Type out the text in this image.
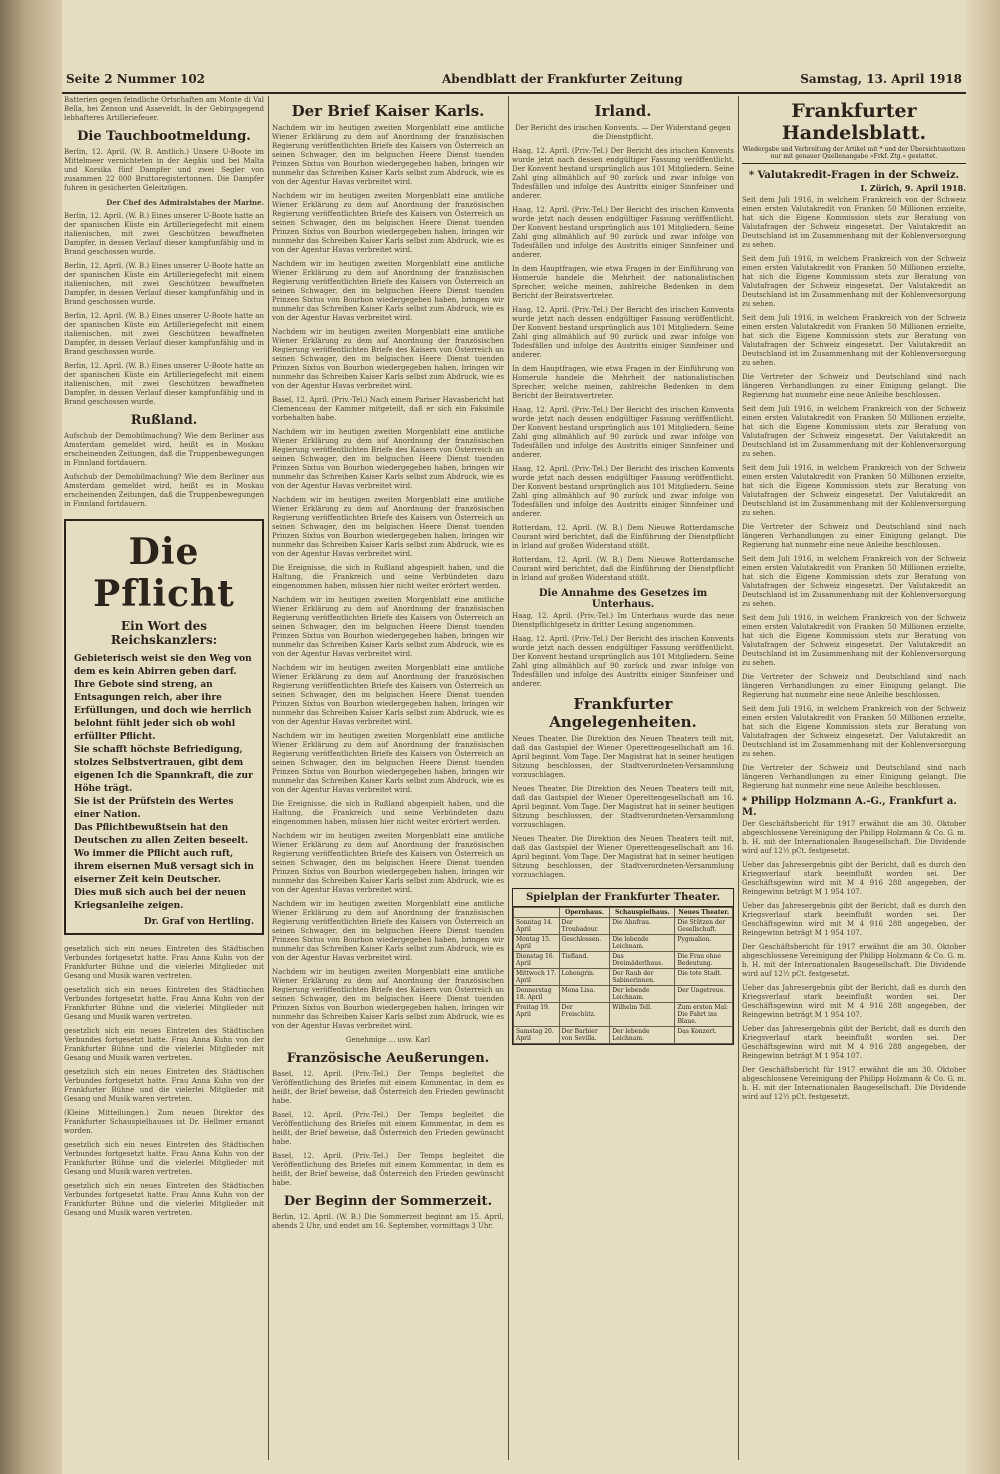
Seite 2 Nummer 102	Abendblatt der Frankfurter Zeitung	Samstag, 13. April 1918

Batterien gegen feindliche Ortschaften am Monte di Val Bella, bei Zenson und Asseveldt. In der Gebirgsgegend lebhafteres Artilleriefeuer.

Die Tauchbootmeldung.

Berlin, 12. April. (W. B. Amtlich.) Unsere U-Boote im Mittelmeer vernichteten in der Aegäis und bei Malta und Korsika fünf Dampfer und zwei Segler von zusammen 22 000 Bruttoregistertonnen. Die Dampfer fuhren in gesicherten Geleitzügen.

Der Chef des Admiralstabes der Marine.

Berlin, 12. April. (W. B.) Eines unserer U-Boote hatte an der spanischen Küste ein Artilleriegefecht mit einem italienischen, mit zwei Geschützen bewaffneten Dampfer, in dessen Verlauf dieser kampfunfähig und in Brand geschossen wurde.

Berlin, 12. April. (W. B.) Eines unserer U-Boote hatte an der spanischen Küste ein Artilleriegefecht mit einem italienischen, mit zwei Geschützen bewaffneten Dampfer, in dessen Verlauf dieser kampfunfähig und in Brand geschossen wurde.

Berlin, 12. April. (W. B.) Eines unserer U-Boote hatte an der spanischen Küste ein Artilleriegefecht mit einem italienischen, mit zwei Geschützen bewaffneten Dampfer, in dessen Verlauf dieser kampfunfähig und in Brand geschossen wurde.

Berlin, 12. April. (W. B.) Eines unserer U-Boote hatte an der spanischen Küste ein Artilleriegefecht mit einem italienischen, mit zwei Geschützen bewaffneten Dampfer, in dessen Verlauf dieser kampfunfähig und in Brand geschossen wurde.

Rußland.

Aufschub der Demobilmachung? Wie dem Berliner aus Amsterdam gemeldet wird, heißt es in Moskau erscheinenden Zeitungen, daß die Truppenbewegungen in Finnland fortdauern.

Aufschub der Demobilmachung? Wie dem Berliner aus Amsterdam gemeldet wird, heißt es in Moskau erscheinenden Zeitungen, daß die Truppenbewegungen in Finnland fortdauern.

Die Pflicht
Ein Wort des Reichskanzlers:
Gebieterisch weist sie den Weg von dem es kein Abirren geben darf.
Ihre Gebote sind streng, an Entsagungen reich, aber ihre Erfüllungen, und doch wie herrlich belohnt fühlt jeder sich ob wohl erfüllter Pflicht.
Sie schafft höchste Befriedigung, stolzes Selbstvertrauen, gibt dem eigenen Ich die Spannkraft, die zur Höhe trägt.
Sie ist der Prüfstein des Wertes einer Nation.
Das Pflichtbewußtsein hat den Deutschen zu allen Zeiten beseelt.
Wo immer die Pflicht auch ruft, ihrem eisernen Muß versagt sich in eiserner Zeit kein Deutscher.
Dies muß sich auch bei der neuen Kriegsanleihe zeigen.
Dr. Graf von Hertling.

gesetzlich sich ein neues Eintreten des Städtischen Verbundes fortgesetzt hatte. Frau Anna Kuhn von der Frankfurter Bühne und die vielerlei Mitglieder mit Gesang und Musik waren vertreten.

gesetzlich sich ein neues Eintreten des Städtischen Verbundes fortgesetzt hatte. Frau Anna Kuhn von der Frankfurter Bühne und die vielerlei Mitglieder mit Gesang und Musik waren vertreten.

gesetzlich sich ein neues Eintreten des Städtischen Verbundes fortgesetzt hatte. Frau Anna Kuhn von der Frankfurter Bühne und die vielerlei Mitglieder mit Gesang und Musik waren vertreten.

gesetzlich sich ein neues Eintreten des Städtischen Verbundes fortgesetzt hatte. Frau Anna Kuhn von der Frankfurter Bühne und die vielerlei Mitglieder mit Gesang und Musik waren vertreten.

(Kleine Mitteilungen.) Zum neuen Direktor des Frankfurter Schauspielhauses ist Dr. Hellmer ernannt worden.

gesetzlich sich ein neues Eintreten des Städtischen Verbundes fortgesetzt hatte. Frau Anna Kuhn von der Frankfurter Bühne und die vielerlei Mitglieder mit Gesang und Musik waren vertreten.

gesetzlich sich ein neues Eintreten des Städtischen Verbundes fortgesetzt hatte. Frau Anna Kuhn von der Frankfurter Bühne und die vielerlei Mitglieder mit Gesang und Musik waren vertreten.

Der Brief Kaiser Karls.

Nachdem wir im heutigen zweiten Morgenblatt eine amtliche Wiener Erklärung zu dem auf Anordnung der französischen Regierung veröffentlichten Briefe des Kaisers von Österreich an seinen Schwager, den im belgischen Heere Dienst tuenden Prinzen Sixtus von Bourbon wiedergegeben haben, bringen wir nunmehr das Schreiben Kaiser Karls selbst zum Abdruck, wie es von der Agentur Havas verbreitet wird.

Nachdem wir im heutigen zweiten Morgenblatt eine amtliche Wiener Erklärung zu dem auf Anordnung der französischen Regierung veröffentlichten Briefe des Kaisers von Österreich an seinen Schwager, den im belgischen Heere Dienst tuenden Prinzen Sixtus von Bourbon wiedergegeben haben, bringen wir nunmehr das Schreiben Kaiser Karls selbst zum Abdruck, wie es von der Agentur Havas verbreitet wird.

Nachdem wir im heutigen zweiten Morgenblatt eine amtliche Wiener Erklärung zu dem auf Anordnung der französischen Regierung veröffentlichten Briefe des Kaisers von Österreich an seinen Schwager, den im belgischen Heere Dienst tuenden Prinzen Sixtus von Bourbon wiedergegeben haben, bringen wir nunmehr das Schreiben Kaiser Karls selbst zum Abdruck, wie es von der Agentur Havas verbreitet wird.

Nachdem wir im heutigen zweiten Morgenblatt eine amtliche Wiener Erklärung zu dem auf Anordnung der französischen Regierung veröffentlichten Briefe des Kaisers von Österreich an seinen Schwager, den im belgischen Heere Dienst tuenden Prinzen Sixtus von Bourbon wiedergegeben haben, bringen wir nunmehr das Schreiben Kaiser Karls selbst zum Abdruck, wie es von der Agentur Havas verbreitet wird.

Basel, 12. April. (Priv.-Tel.) Nach einem Pariser Havasbericht hat Clemenceau der Kammer mitgeteilt, daß er sich ein Faksimile vorbehalten habe.

Nachdem wir im heutigen zweiten Morgenblatt eine amtliche Wiener Erklärung zu dem auf Anordnung der französischen Regierung veröffentlichten Briefe des Kaisers von Österreich an seinen Schwager, den im belgischen Heere Dienst tuenden Prinzen Sixtus von Bourbon wiedergegeben haben, bringen wir nunmehr das Schreiben Kaiser Karls selbst zum Abdruck, wie es von der Agentur Havas verbreitet wird.

Nachdem wir im heutigen zweiten Morgenblatt eine amtliche Wiener Erklärung zu dem auf Anordnung der französischen Regierung veröffentlichten Briefe des Kaisers von Österreich an seinen Schwager, den im belgischen Heere Dienst tuenden Prinzen Sixtus von Bourbon wiedergegeben haben, bringen wir nunmehr das Schreiben Kaiser Karls selbst zum Abdruck, wie es von der Agentur Havas verbreitet wird.

Die Ereignisse, die sich in Rußland abgespielt haben, und die Haltung, die Frankreich und seine Verbündeten dazu eingenommen haben, müssen hier nicht weiter erörtert werden.

Nachdem wir im heutigen zweiten Morgenblatt eine amtliche Wiener Erklärung zu dem auf Anordnung der französischen Regierung veröffentlichten Briefe des Kaisers von Österreich an seinen Schwager, den im belgischen Heere Dienst tuenden Prinzen Sixtus von Bourbon wiedergegeben haben, bringen wir nunmehr das Schreiben Kaiser Karls selbst zum Abdruck, wie es von der Agentur Havas verbreitet wird.

Nachdem wir im heutigen zweiten Morgenblatt eine amtliche Wiener Erklärung zu dem auf Anordnung der französischen Regierung veröffentlichten Briefe des Kaisers von Österreich an seinen Schwager, den im belgischen Heere Dienst tuenden Prinzen Sixtus von Bourbon wiedergegeben haben, bringen wir nunmehr das Schreiben Kaiser Karls selbst zum Abdruck, wie es von der Agentur Havas verbreitet wird.

Nachdem wir im heutigen zweiten Morgenblatt eine amtliche Wiener Erklärung zu dem auf Anordnung der französischen Regierung veröffentlichten Briefe des Kaisers von Österreich an seinen Schwager, den im belgischen Heere Dienst tuenden Prinzen Sixtus von Bourbon wiedergegeben haben, bringen wir nunmehr das Schreiben Kaiser Karls selbst zum Abdruck, wie es von der Agentur Havas verbreitet wird.

Die Ereignisse, die sich in Rußland abgespielt haben, und die Haltung, die Frankreich und seine Verbündeten dazu eingenommen haben, müssen hier nicht weiter erörtert werden.

Nachdem wir im heutigen zweiten Morgenblatt eine amtliche Wiener Erklärung zu dem auf Anordnung der französischen Regierung veröffentlichten Briefe des Kaisers von Österreich an seinen Schwager, den im belgischen Heere Dienst tuenden Prinzen Sixtus von Bourbon wiedergegeben haben, bringen wir nunmehr das Schreiben Kaiser Karls selbst zum Abdruck, wie es von der Agentur Havas verbreitet wird.

Nachdem wir im heutigen zweiten Morgenblatt eine amtliche Wiener Erklärung zu dem auf Anordnung der französischen Regierung veröffentlichten Briefe des Kaisers von Österreich an seinen Schwager, den im belgischen Heere Dienst tuenden Prinzen Sixtus von Bourbon wiedergegeben haben, bringen wir nunmehr das Schreiben Kaiser Karls selbst zum Abdruck, wie es von der Agentur Havas verbreitet wird.

Nachdem wir im heutigen zweiten Morgenblatt eine amtliche Wiener Erklärung zu dem auf Anordnung der französischen Regierung veröffentlichten Briefe des Kaisers von Österreich an seinen Schwager, den im belgischen Heere Dienst tuenden Prinzen Sixtus von Bourbon wiedergegeben haben, bringen wir nunmehr das Schreiben Kaiser Karls selbst zum Abdruck, wie es von der Agentur Havas verbreitet wird.

Genehmige ... usw. Karl

Französische Aeußerungen.

Basel, 12. April. (Priv.-Tel.) Der Temps begleitet die Veröffentlichung des Briefes mit einem Kommentar, in dem es heißt, der Brief beweise, daß Österreich den Frieden gewünscht habe.

Basel, 12. April. (Priv.-Tel.) Der Temps begleitet die Veröffentlichung des Briefes mit einem Kommentar, in dem es heißt, der Brief beweise, daß Österreich den Frieden gewünscht habe.

Basel, 12. April. (Priv.-Tel.) Der Temps begleitet die Veröffentlichung des Briefes mit einem Kommentar, in dem es heißt, der Brief beweise, daß Österreich den Frieden gewünscht habe.

Der Beginn der Sommerzeit.

Berlin, 12. April. (W. B.) Die Sommerzeit beginnt am 15. April, abends 2 Uhr, und endet am 16. September, vormittags 3 Uhr.

Irland.

Der Bericht des irischen Konvents. — Der Widerstand gegen die Dienstpflicht.

Haag, 12. April. (Priv.-Tel.) Der Bericht des irischen Konvents wurde jetzt nach dessen endgültiger Fassung veröffentlicht. Der Konvent bestand ursprünglich aus 101 Mitgliedern. Seine Zahl ging allmählich auf 90 zurück und zwar infolge von Todesfällen und infolge des Austritts einiger Sinnfeiner und anderer.

Haag, 12. April. (Priv.-Tel.) Der Bericht des irischen Konvents wurde jetzt nach dessen endgültiger Fassung veröffentlicht. Der Konvent bestand ursprünglich aus 101 Mitgliedern. Seine Zahl ging allmählich auf 90 zurück und zwar infolge von Todesfällen und infolge des Austritts einiger Sinnfeiner und anderer.

In dem Hauptfragen, wie etwa Fragen in der Einführung von Homerule handele die Mehrheit der nationalistischen Sprecher, welche meinen, zahlreiche Bedenken in dem Bericht der Beiratsvertreter.

Haag, 12. April. (Priv.-Tel.) Der Bericht des irischen Konvents wurde jetzt nach dessen endgültiger Fassung veröffentlicht. Der Konvent bestand ursprünglich aus 101 Mitgliedern. Seine Zahl ging allmählich auf 90 zurück und zwar infolge von Todesfällen und infolge des Austritts einiger Sinnfeiner und anderer.

In dem Hauptfragen, wie etwa Fragen in der Einführung von Homerule handele die Mehrheit der nationalistischen Sprecher, welche meinen, zahlreiche Bedenken in dem Bericht der Beiratsvertreter.

Haag, 12. April. (Priv.-Tel.) Der Bericht des irischen Konvents wurde jetzt nach dessen endgültiger Fassung veröffentlicht. Der Konvent bestand ursprünglich aus 101 Mitgliedern. Seine Zahl ging allmählich auf 90 zurück und zwar infolge von Todesfällen und infolge des Austritts einiger Sinnfeiner und anderer.

Haag, 12. April. (Priv.-Tel.) Der Bericht des irischen Konvents wurde jetzt nach dessen endgültiger Fassung veröffentlicht. Der Konvent bestand ursprünglich aus 101 Mitgliedern. Seine Zahl ging allmählich auf 90 zurück und zwar infolge von Todesfällen und infolge des Austritts einiger Sinnfeiner und anderer.

Rotterdam, 12. April. (W. B.) Dem Nieuwe Rotterdamsche Courant wird berichtet, daß die Einführung der Dienstpflicht in Irland auf großen Widerstand stößt.

Rotterdam, 12. April. (W. B.) Dem Nieuwe Rotterdamsche Courant wird berichtet, daß die Einführung der Dienstpflicht in Irland auf großen Widerstand stößt.

Die Annahme des Gesetzes im Unterhaus.

Haag, 12. April. (Priv.-Tel.) Im Unterhaus wurde das neue Dienstpflichtgesetz in dritter Lesung angenommen.

Haag, 12. April. (Priv.-Tel.) Der Bericht des irischen Konvents wurde jetzt nach dessen endgültiger Fassung veröffentlicht. Der Konvent bestand ursprünglich aus 101 Mitgliedern. Seine Zahl ging allmählich auf 90 zurück und zwar infolge von Todesfällen und infolge des Austritts einiger Sinnfeiner und anderer.

Frankfurter Angelegenheiten.

Neues Theater. Die Direktion des Neuen Theaters teilt mit, daß das Gastspiel der Wiener Operettengesellschaft am 16. April beginnt. Vom Tage. Der Magistrat hat in seiner heutigen Sitzung beschlossen, der Stadtverordneten-Versammlung vorzuschlagen.

Neues Theater. Die Direktion des Neuen Theaters teilt mit, daß das Gastspiel der Wiener Operettengesellschaft am 16. April beginnt. Vom Tage. Der Magistrat hat in seiner heutigen Sitzung beschlossen, der Stadtverordneten-Versammlung vorzuschlagen.

Neues Theater. Die Direktion des Neuen Theaters teilt mit, daß das Gastspiel der Wiener Operettengesellschaft am 16. April beginnt. Vom Tage. Der Magistrat hat in seiner heutigen Sitzung beschlossen, der Stadtverordneten-Versammlung vorzuschlagen.

Spielplan der Frankfurter Theater.
	Opernhaus.	Schauspielhaus.	Neues Theater.
Sonntag 14. April	Der Troubadour.	Die Ahnfrau.	Die Stützen der Gesellschaft.
Montag 15. April	Geschlossen.	Die lebende Leichnam.	Pygmalion.
Dienstag 16. April	Tiefland.	Das Dreimäderlhaus.	Die Frau ohne Bedeutung.
Mittwoch 17. April	Lohengrin.	Der Raub der Sabinerinnen.	Die tote Stadt.
Donnerstag 18. April	Mona Lisa.	Der lebende Leichnam.	Der Ungetreue.
Freitag 19. April	Der Freischütz.	Wilhelm Tell.	Zum ersten Mal: Die Fahrt ins Blaue.
Samstag 20. April	Der Barbier von Sevilla.	Der lebende Leichnam.	Das Konzert.
Frankfurter Handelsblatt.
Wiedergabe und Verbreitung der Artikel mit * und der Übersichtsnotizen nur mit genauer Quellenangabe »Frkf. Ztg.« gestattet.
* Valutakredit-Fragen in der Schweiz.
I. Zürich, 9. April 1918.

Seit dem Juli 1916, in welchem Frankreich von der Schweiz einen ersten Valutakredit von Franken 50 Millionen erzielte, hat sich die Eigene Kommission stets zur Beratung von Valutafragen der Schweiz eingesetzt. Der Valutakredit an Deutschland ist im Zusammenhang mit der Kohlenversorgung zu sehen.

Seit dem Juli 1916, in welchem Frankreich von der Schweiz einen ersten Valutakredit von Franken 50 Millionen erzielte, hat sich die Eigene Kommission stets zur Beratung von Valutafragen der Schweiz eingesetzt. Der Valutakredit an Deutschland ist im Zusammenhang mit der Kohlenversorgung zu sehen.

Seit dem Juli 1916, in welchem Frankreich von der Schweiz einen ersten Valutakredit von Franken 50 Millionen erzielte, hat sich die Eigene Kommission stets zur Beratung von Valutafragen der Schweiz eingesetzt. Der Valutakredit an Deutschland ist im Zusammenhang mit der Kohlenversorgung zu sehen.

Die Vertreter der Schweiz und Deutschland sind nach längeren Verhandlungen zu einer Einigung gelangt. Die Regierung hat nunmehr eine neue Anleihe beschlossen.

Seit dem Juli 1916, in welchem Frankreich von der Schweiz einen ersten Valutakredit von Franken 50 Millionen erzielte, hat sich die Eigene Kommission stets zur Beratung von Valutafragen der Schweiz eingesetzt. Der Valutakredit an Deutschland ist im Zusammenhang mit der Kohlenversorgung zu sehen.

Seit dem Juli 1916, in welchem Frankreich von der Schweiz einen ersten Valutakredit von Franken 50 Millionen erzielte, hat sich die Eigene Kommission stets zur Beratung von Valutafragen der Schweiz eingesetzt. Der Valutakredit an Deutschland ist im Zusammenhang mit der Kohlenversorgung zu sehen.

Die Vertreter der Schweiz und Deutschland sind nach längeren Verhandlungen zu einer Einigung gelangt. Die Regierung hat nunmehr eine neue Anleihe beschlossen.

Seit dem Juli 1916, in welchem Frankreich von der Schweiz einen ersten Valutakredit von Franken 50 Millionen erzielte, hat sich die Eigene Kommission stets zur Beratung von Valutafragen der Schweiz eingesetzt. Der Valutakredit an Deutschland ist im Zusammenhang mit der Kohlenversorgung zu sehen.

Seit dem Juli 1916, in welchem Frankreich von der Schweiz einen ersten Valutakredit von Franken 50 Millionen erzielte, hat sich die Eigene Kommission stets zur Beratung von Valutafragen der Schweiz eingesetzt. Der Valutakredit an Deutschland ist im Zusammenhang mit der Kohlenversorgung zu sehen.

Die Vertreter der Schweiz und Deutschland sind nach längeren Verhandlungen zu einer Einigung gelangt. Die Regierung hat nunmehr eine neue Anleihe beschlossen.

Seit dem Juli 1916, in welchem Frankreich von der Schweiz einen ersten Valutakredit von Franken 50 Millionen erzielte, hat sich die Eigene Kommission stets zur Beratung von Valutafragen der Schweiz eingesetzt. Der Valutakredit an Deutschland ist im Zusammenhang mit der Kohlenversorgung zu sehen.

Die Vertreter der Schweiz und Deutschland sind nach längeren Verhandlungen zu einer Einigung gelangt. Die Regierung hat nunmehr eine neue Anleihe beschlossen.

* Philipp Holzmann A.-G., Frankfurt a. M.

Der Geschäftsbericht für 1917 erwähnt die am 30. Oktober abgeschlossene Vereinigung der Philipp Holzmann & Co. G. m. b. H. mit der Internationalen Baugesellschaft. Die Dividende wird auf 12½ pCt. festgesetzt.

Ueber das Jahresergebnis gibt der Bericht, daß es durch den Kriegsverlauf stark beeinflußt worden sei. Der Geschäftsgewinn wird mit M 4 916 288 angegeben, der Reingewinn beträgt M 1 954 107.

Ueber das Jahresergebnis gibt der Bericht, daß es durch den Kriegsverlauf stark beeinflußt worden sei. Der Geschäftsgewinn wird mit M 4 916 288 angegeben, der Reingewinn beträgt M 1 954 107.

Der Geschäftsbericht für 1917 erwähnt die am 30. Oktober abgeschlossene Vereinigung der Philipp Holzmann & Co. G. m. b. H. mit der Internationalen Baugesellschaft. Die Dividende wird auf 12½ pCt. festgesetzt.

Ueber das Jahresergebnis gibt der Bericht, daß es durch den Kriegsverlauf stark beeinflußt worden sei. Der Geschäftsgewinn wird mit M 4 916 288 angegeben, der Reingewinn beträgt M 1 954 107.

Ueber das Jahresergebnis gibt der Bericht, daß es durch den Kriegsverlauf stark beeinflußt worden sei. Der Geschäftsgewinn wird mit M 4 916 288 angegeben, der Reingewinn beträgt M 1 954 107.

Der Geschäftsbericht für 1917 erwähnt die am 30. Oktober abgeschlossene Vereinigung der Philipp Holzmann & Co. G. m. b. H. mit der Internationalen Baugesellschaft. Die Dividende wird auf 12½ pCt. festgesetzt.
